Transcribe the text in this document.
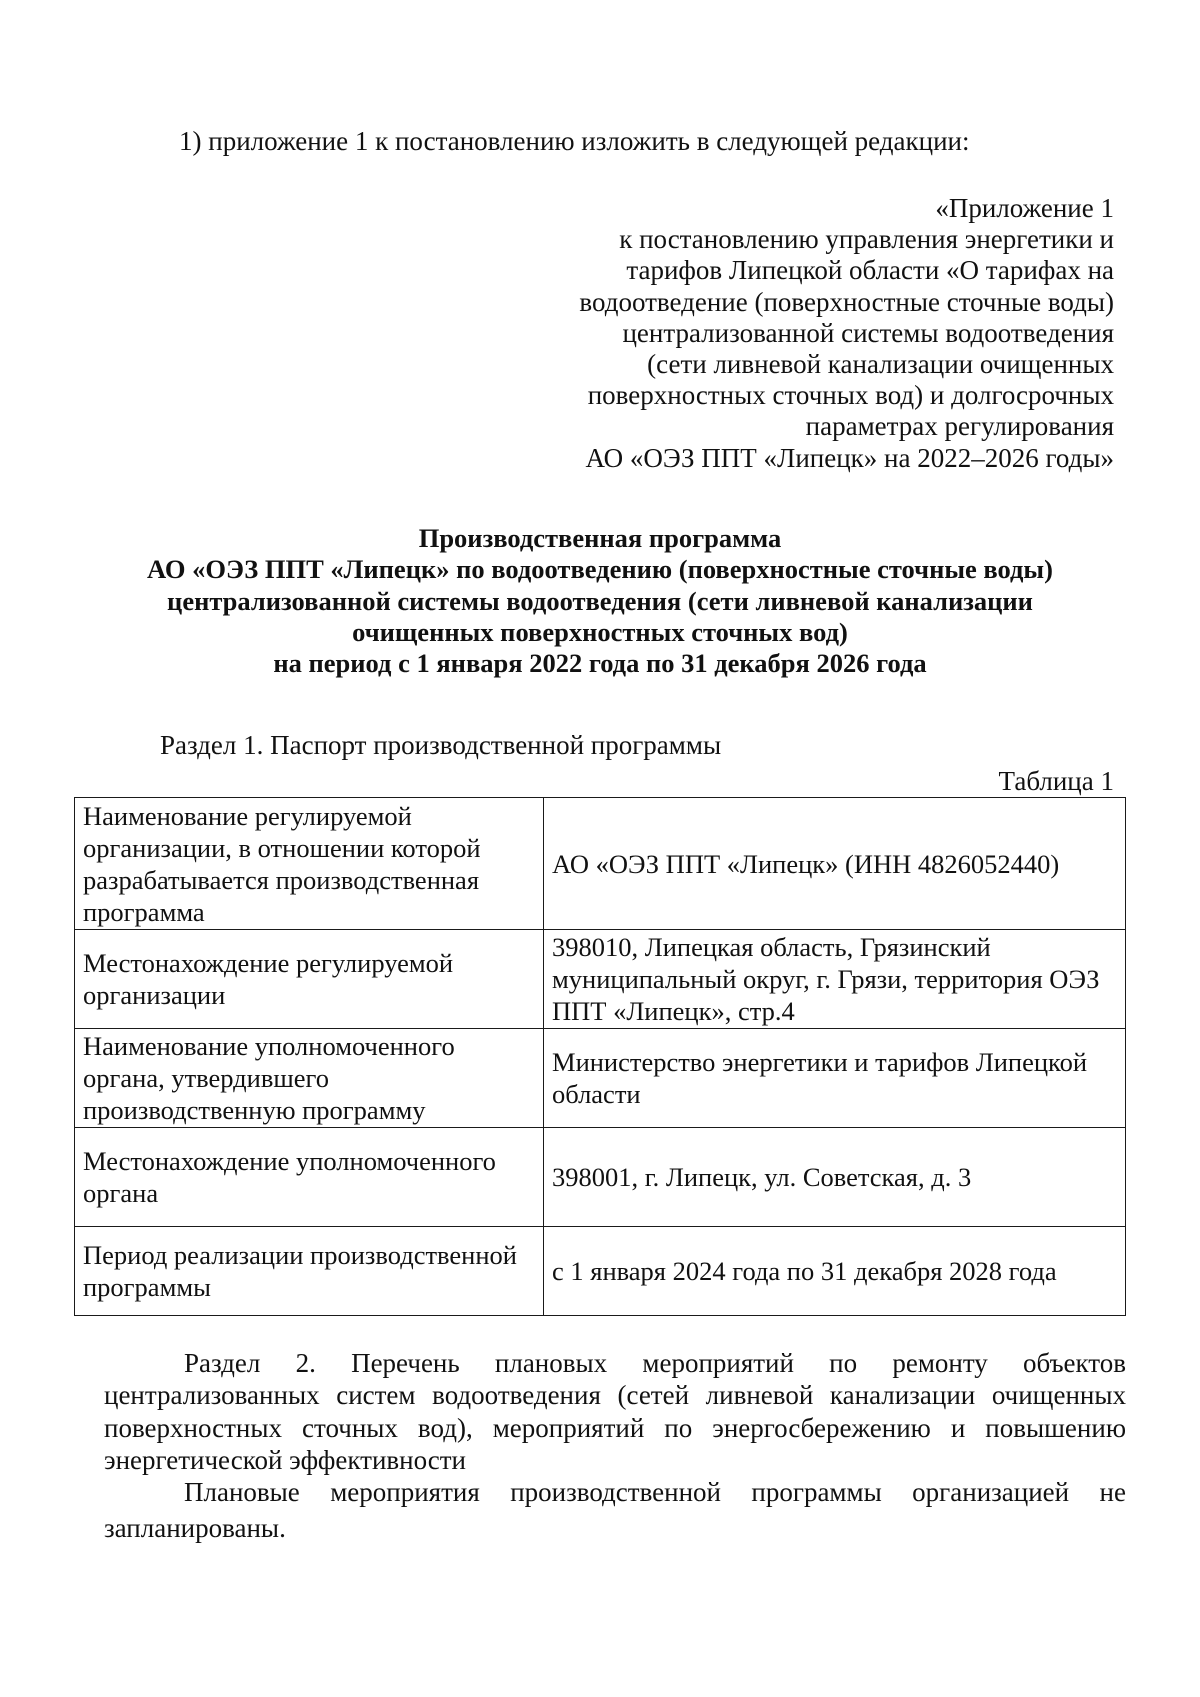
1) приложение 1 к постановлению изложить в следующей редакции:
«Приложение 1
к постановлению управления энергетики и
тарифов Липецкой области «О тарифах на
водоотведение (поверхностные сточные воды)
централизованной системы водоотведения
(сети ливневой канализации очищенных
поверхностных сточных вод) и долгосрочных
параметрах регулирования
АО «ОЭЗ ППТ «Липецк» на 2022–2026 годы»
Производственная программа
АО «ОЭЗ ППТ «Липецк» по водоотведению (поверхностные сточные воды)
централизованной системы водоотведения (сети ливневой канализации
очищенных поверхностных сточных вод)
на период с 1 января 2022 года по 31 декабря 2026 года
Раздел 1. Паспорт производственной программы
Таблица 1
Наименование регулируемой организации, в отношении которой разрабатывается производственная программа	АО «ОЭЗ ППТ «Липецк» (ИНН 4826052440)
Местонахождение регулируемой организации	398010, Липецкая область, Грязинский муниципальный округ, г. Грязи, территория ОЭЗ ППТ «Липецк», стр.4
Наименование уполномоченного органа, утвердившего производственную программу	Министерство энергетики и тарифов Липецкой области
Местонахождение уполномоченного органа	398001, г. Липецк, ул. Советская, д. 3
Период реализации производственной программы	с 1 января 2024 года по 31 декабря 2028 года
Раздел 2. Перечень плановых мероприятий по ремонту объектов централизованных систем водоотведения (сетей ливневой канализации очищенных поверхностных сточных вод), мероприятий по энергосбережению и повышению энергетической эффективности
Плановые мероприятия производственной программы организацией не запланированы.
